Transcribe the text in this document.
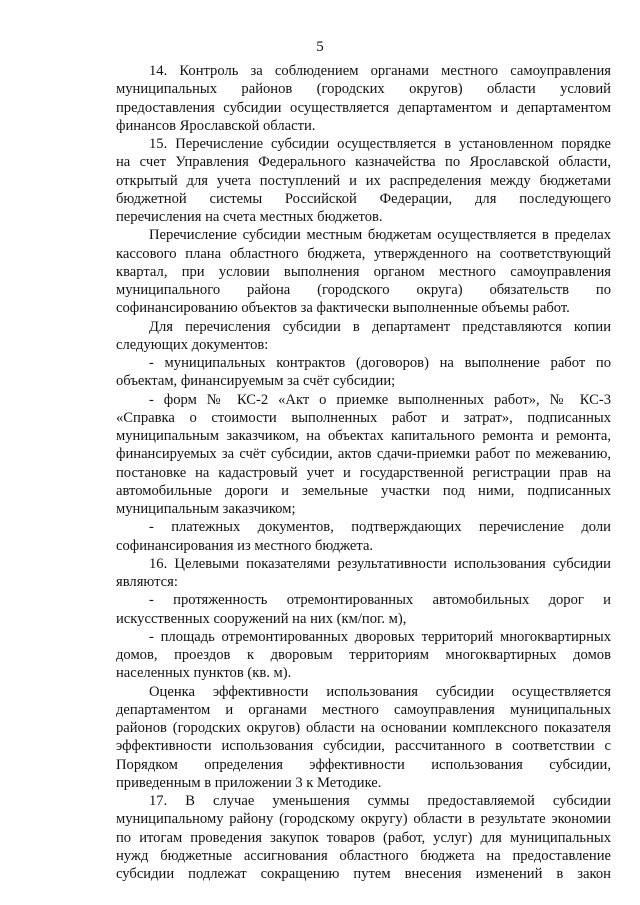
5
14. Контроль за соблюдением органами местного самоуправления
муниципальных районов (городских округов) области условий
предоставления субсидии осуществляется департаментом и департаментом
финансов Ярославской области.
15. Перечисление субсидии осуществляется в установленном порядке
на счет Управления Федерального казначейства по Ярославской области,
открытый для учета поступлений и их распределения между бюджетами
бюджетной системы Российской Федерации, для последующего
перечисления на счета местных бюджетов.
Перечисление субсидии местным бюджетам осуществляется в пределах
кассового плана областного бюджета, утвержденного на соответствующий
квартал, при условии выполнения органом местного самоуправления
муниципального района (городского округа) обязательств по
софинансированию объектов за фактически выполненные объемы работ.
Для перечисления субсидии в департамент представляются копии
следующих документов:
- муниципальных контрактов (договоров) на выполнение работ по
объектам, финансируемым за счёт субсидии;
- форм № КС-2 «Акт о приемке выполненных работ», № КС-3
«Справка о стоимости выполненных работ и затрат», подписанных
муниципальным заказчиком, на объектах капитального ремонта и ремонта,
финансируемых за счёт субсидии, актов сдачи-приемки работ по межеванию,
постановке на кадастровый учет и государственной регистрации прав на
автомобильные дороги и земельные участки под ними, подписанных
муниципальным заказчиком;
- платежных документов, подтверждающих перечисление доли
софинансирования из местного бюджета.
16. Целевыми показателями результативности использования субсидии
являются:
- протяженность отремонтированных автомобильных дорог и
искусственных сооружений на них (км/пог. м),
- площадь отремонтированных дворовых территорий многоквартирных
домов, проездов к дворовым территориям многоквартирных домов
населенных пунктов (кв. м).
Оценка эффективности использования субсидии осуществляется
департаментом и органами местного самоуправления муниципальных
районов (городских округов) области на основании комплексного показателя
эффективности использования субсидии, рассчитанного в соответствии с
Порядком определения эффективности использования субсидии,
приведенным в приложении 3 к Методике.
17. В случае уменьшения суммы предоставляемой субсидии
муниципальному району (городскому округу) области в результате экономии
по итогам проведения закупок товаров (работ, услуг) для муниципальных
нужд бюджетные ассигнования областного бюджета на предоставление
субсидии подлежат сокращению путем внесения изменений в закон
